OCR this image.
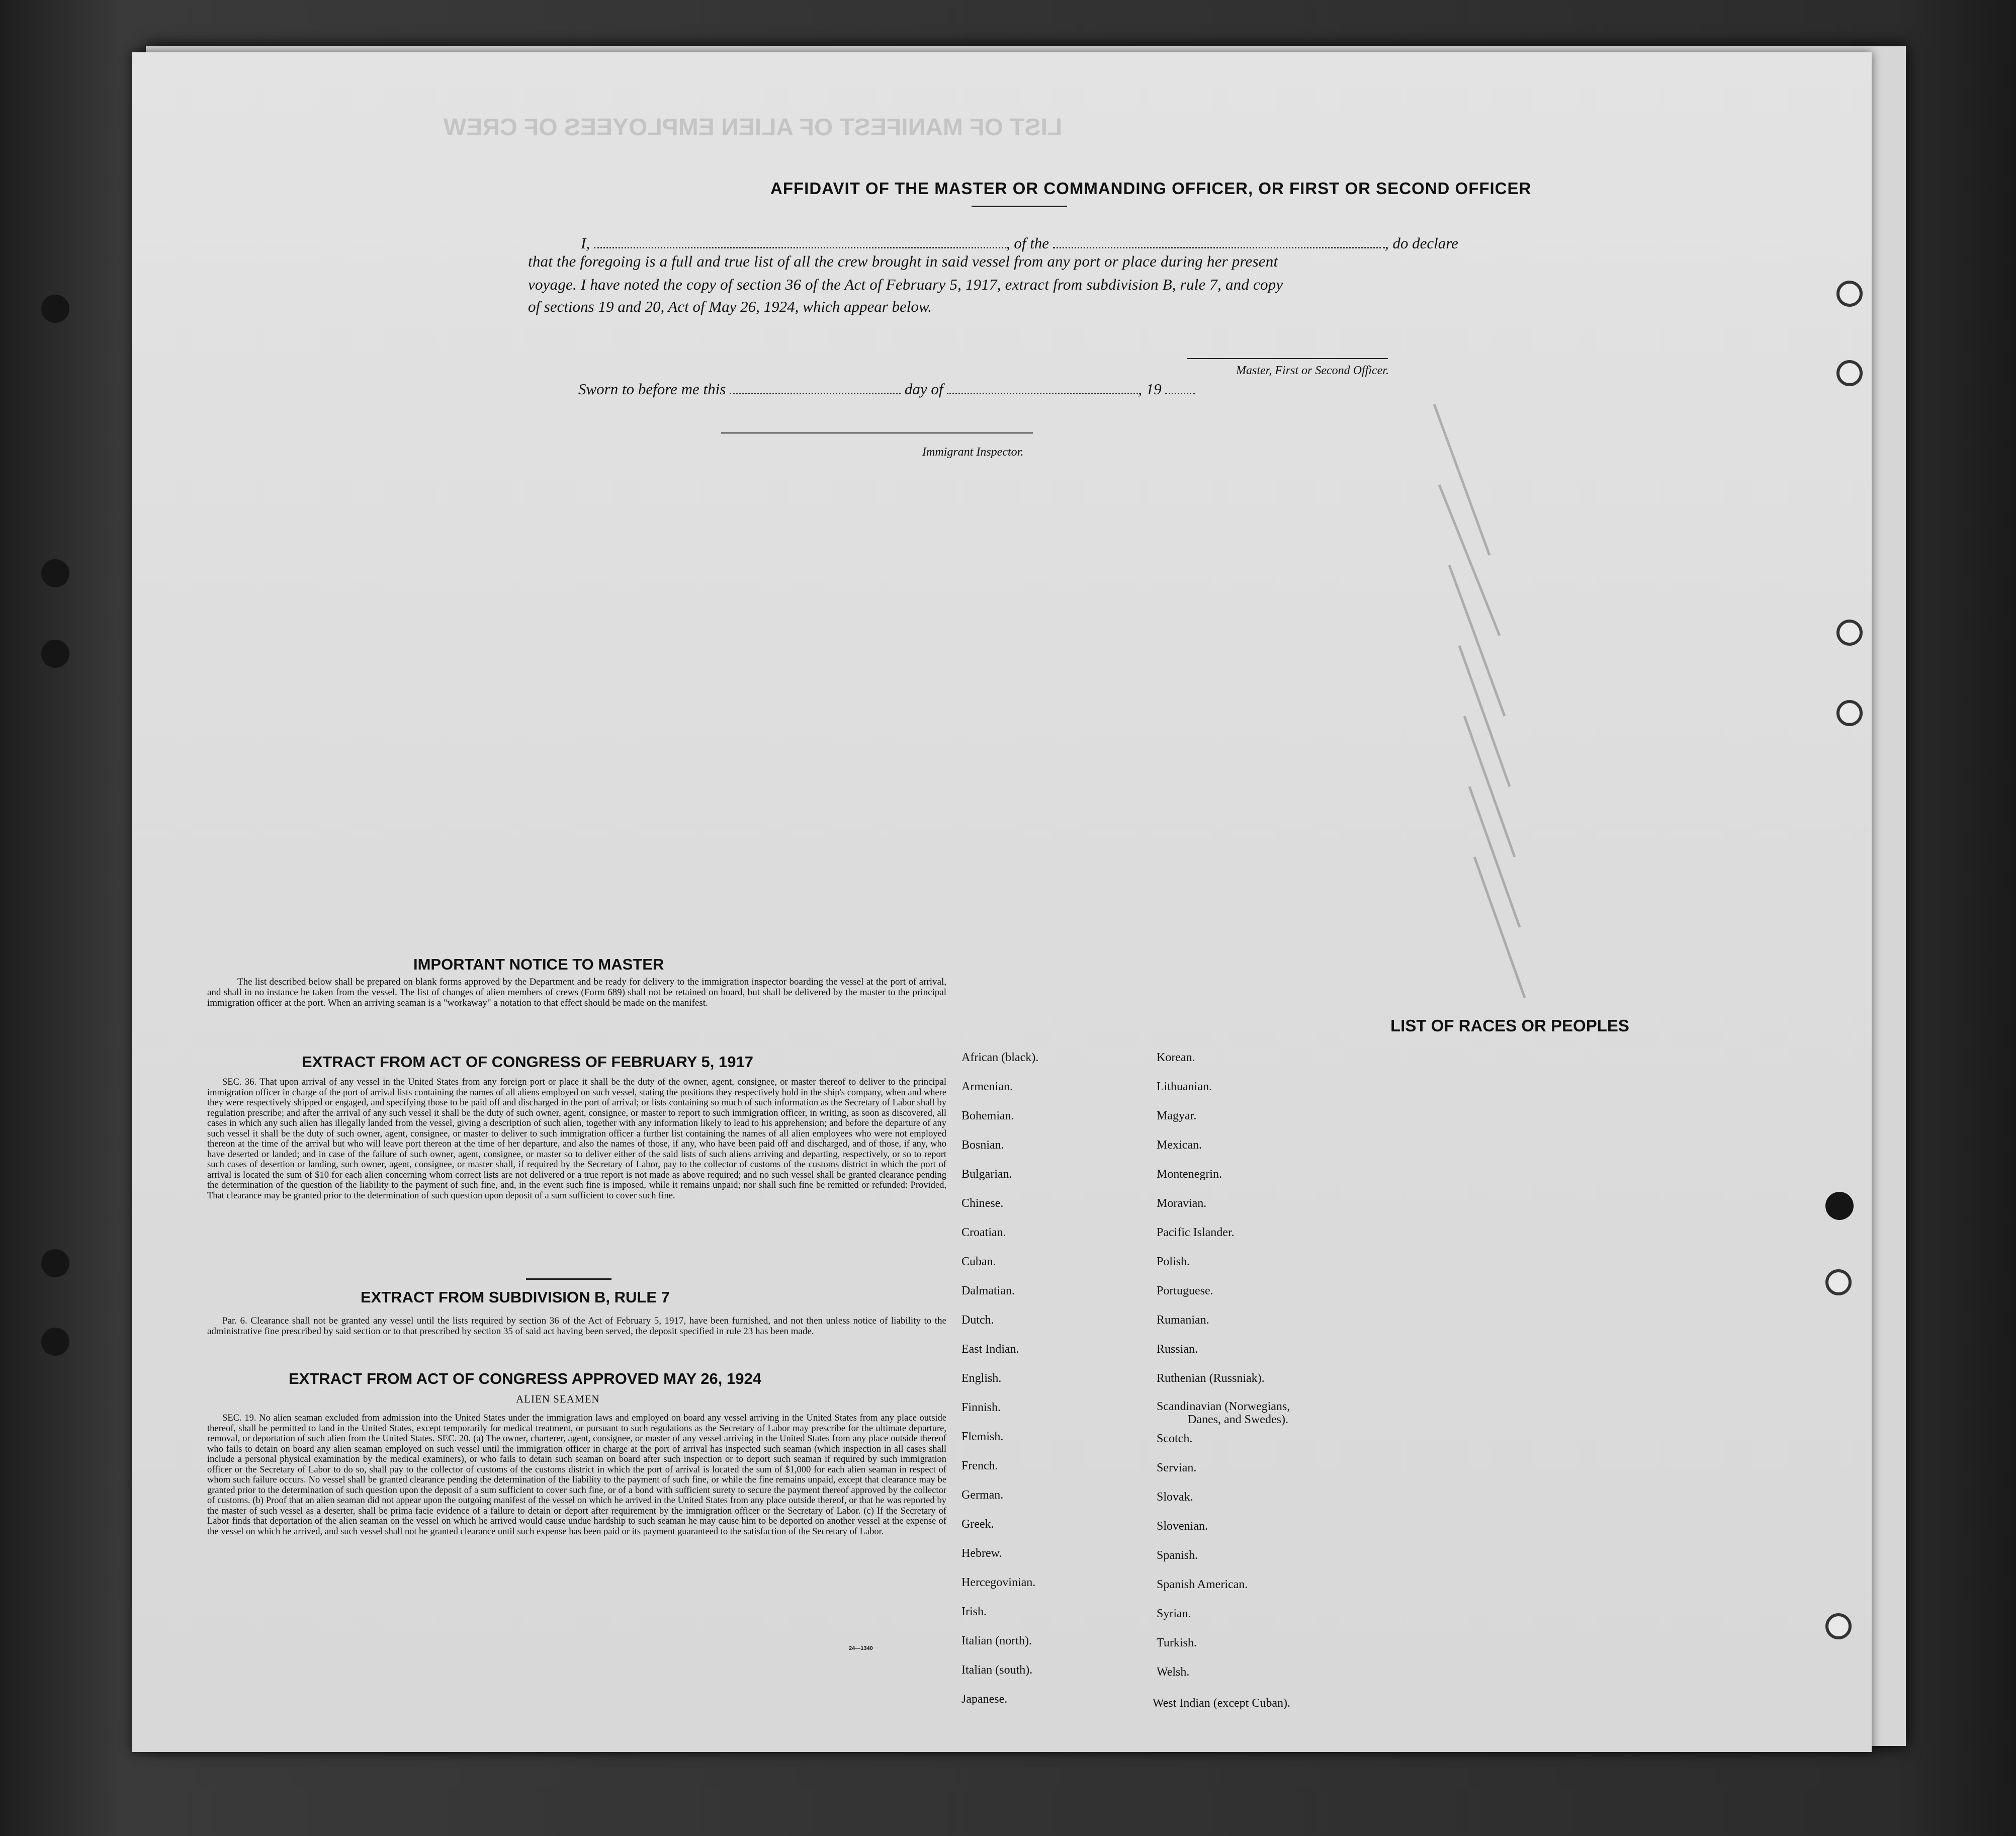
LIST OF MANIFEST OF ALIEN EMPLOYEES OF CREW
AFFIDAVIT OF THE MASTER OR COMMANDING OFFICER, OR FIRST OR SECOND OFFICER
I,	, of the	, do declare
that the foregoing is a full and true list of all the crew brought in said vessel from any port or place during her present
voyage. I have noted the copy of section 36 of the Act of February 5, 1917, extract from subdivision B, rule 7, and copy
of sections 19 and 20, Act of May 26, 1924, which appear below.
Master, First or Second Officer.
Sworn to before me this	day of	, 19
Immigrant Inspector.
IMPORTANT NOTICE TO MASTER
The list described below shall be prepared on blank forms approved by the Department and be ready for delivery to the immigration inspector boarding the vessel at the port of arrival, and shall in no instance be taken from the vessel. The list of changes of alien members of crews (Form 689) shall not be retained on board, but shall be delivered by the master to the principal immigration officer at the port. When an arriving seaman is a "workaway" a notation to that effect should be made on the manifest.
EXTRACT FROM ACT OF CONGRESS OF FEBRUARY 5, 1917
SEC. 36. That upon arrival of any vessel in the United States from any foreign port or place it shall be the duty of the owner, agent, consignee, or master thereof to deliver to the principal immigration officer in charge of the port of arrival lists containing the names of all aliens employed on such vessel, stating the positions they respectively hold in the ship's company, when and where they were respectively shipped or engaged, and specifying those to be paid off and discharged in the port of arrival; or lists containing so much of such information as the Secretary of Labor shall by regulation prescribe; and after the arrival of any such vessel it shall be the duty of such owner, agent, consignee, or master to report to such immigration officer, in writing, as soon as discovered, all cases in which any such alien has illegally landed from the vessel, giving a description of such alien, together with any information likely to lead to his apprehension; and before the departure of any such vessel it shall be the duty of such owner, agent, consignee, or master to deliver to such immigration officer a further list containing the names of all alien employees who were not employed thereon at the time of the arrival but who will leave port thereon at the time of her departure, and also the names of those, if any, who have been paid off and discharged, and of those, if any, who have deserted or landed; and in case of the failure of such owner, agent, consignee, or master so to deliver either of the said lists of such aliens arriving and departing, respectively, or so to report such cases of desertion or landing, such owner, agent, consignee, or master shall, if required by the Secretary of Labor, pay to the collector of customs of the customs district in which the port of arrival is located the sum of $10 for each alien concerning whom correct lists are not delivered or a true report is not made as above required; and no such vessel shall be granted clearance pending the determination of the question of the liability to the payment of such fine, and, in the event such fine is imposed, while it remains unpaid; nor shall such fine be remitted or refunded: Provided, That clearance may be granted prior to the determination of such question upon deposit of a sum sufficient to cover such fine.
EXTRACT FROM SUBDIVISION B, RULE 7
Par. 6. Clearance shall not be granted any vessel until the lists required by section 36 of the Act of February 5, 1917, have been furnished, and not then unless notice of liability to the administrative fine prescribed by said section or to that prescribed by section 35 of said act having been served, the deposit specified in rule 23 has been made.
EXTRACT FROM ACT OF CONGRESS APPROVED MAY 26, 1924
ALIEN SEAMEN
SEC. 19. No alien seaman excluded from admission into the United States under the immigration laws and employed on board any vessel arriving in the United States from any place outside thereof, shall be permitted to land in the United States, except temporarily for medical treatment, or pursuant to such regulations as the Secretary of Labor may prescribe for the ultimate departure, removal, or deportation of such alien from the United States. SEC. 20. (a) The owner, charterer, agent, consignee, or master of any vessel arriving in the United States from any place outside thereof who fails to detain on board any alien seaman employed on such vessel until the immigration officer in charge at the port of arrival has inspected such seaman (which inspection in all cases shall include a personal physical examination by the medical examiners), or who fails to detain such seaman on board after such inspection or to deport such seaman if required by such immigration officer or the Secretary of Labor to do so, shall pay to the collector of customs of the customs district in which the port of arrival is located the sum of $1,000 for each alien seaman in respect of whom such failure occurs. No vessel shall be granted clearance pending the determination of the liability to the payment of such fine, or while the fine remains unpaid, except that clearance may be granted prior to the determination of such question upon the deposit of a sum sufficient to cover such fine, or of a bond with sufficient surety to secure the payment thereof approved by the collector of customs. (b) Proof that an alien seaman did not appear upon the outgoing manifest of the vessel on which he arrived in the United States from any place outside thereof, or that he was reported by the master of such vessel as a deserter, shall be prima facie evidence of a failure to detain or deport after requirement by the immigration officer or the Secretary of Labor. (c) If the Secretary of Labor finds that deportation of the alien seaman on the vessel on which he arrived would cause undue hardship to such seaman he may cause him to be deported on another vessel at the expense of the vessel on which he arrived, and such vessel shall not be granted clearance until such expense has been paid or its payment guaranteed to the satisfaction of the Secretary of Labor.
24—1340
LIST OF RACES OR PEOPLES
African (black).
Armenian.
Bohemian.
Bosnian.
Bulgarian.
Chinese.
Croatian.
Cuban.
Dalmatian.
Dutch.
East Indian.
English.
Finnish.
Flemish.
French.
German.
Greek.
Hebrew.
Hercegovinian.
Irish.
Italian (north).
Italian (south).
Japanese.
Korean.
Lithuanian.
Magyar.
Mexican.
Montenegrin.
Moravian.
Pacific Islander.
Polish.
Portuguese.
Rumanian.
Russian.
Ruthenian (Russniak).
Scandinavian (Norwegians,
Danes, and Swedes).
Scotch.
Servian.
Slovak.
Slovenian.
Spanish.
Spanish American.
Syrian.
Turkish.
Welsh.
West Indian (except Cuban).
